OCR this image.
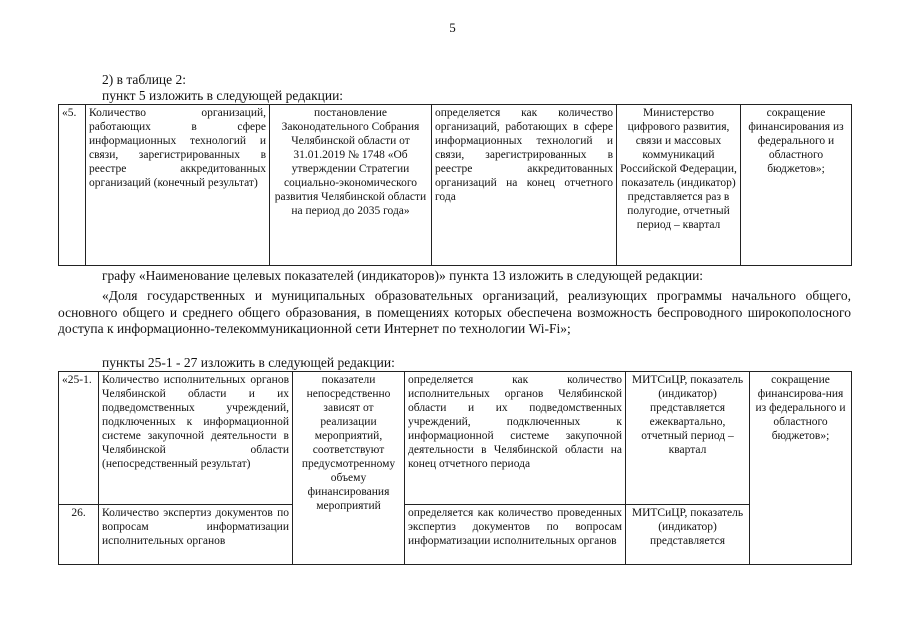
5
2) в таблице 2:
пункт 5 изложить в следующей редакции:
«5.	Количество организаций, работающих в сфере информационных технологий и связи, зарегистрированных в реестре аккредитованных организаций (конечный результат)	постановление Законодательного Собрания Челябинской области от 31.01.2019 № 1748 «Об утверждении Стратегии социально-экономического развития Челябинской области на период до 2035 года»	определяется как количество организаций, работающих в сфере информационных технологий и связи, зарегистрированных в реестре аккредитованных организаций на конец отчетного года	Министерство цифрового развития, связи и массовых коммуникаций Российской Федерации, показатель (индикатор) представляется раз в полугодие, отчетный период – квартал	сокращение финансирования из федерального и областного бюджетов»;
графу «Наименование целевых показателей (индикаторов)» пункта 13 изложить в следующей редакции:
«Доля государственных и муниципальных образовательных организаций, реализующих программы начального общего, основного общего и среднего общего образования, в помещениях которых обеспечена возможность беспроводного широкополосного доступа к информационно-телекоммуникационной сети Интернет по технологии Wi-Fi»;
пункты 25-1 - 27 изложить в следующей редакции:
«25-1.	Количество исполнительных органов Челябинской области и их подведомственных учреждений, подключенных к информационной системе закупочной деятельности в Челябинской области (непосредственный результат)	показатели непосредственно зависят от реализации мероприятий, соответствуют предусмотренному объему финансирования мероприятий	определяется как количество исполнительных органов Челябинской области и их подведомственных учреждений, подключенных к информационной системе закупочной деятельности в Челябинской области на конец отчетного периода	МИТСиЦР, показатель (индикатор) представляется ежеквартально, отчетный период – квартал	сокращение финансирова-ния из федерального и областного бюджетов»;
26.	Количество экспертиз документов по вопросам информатизации исполнительных органов		определяется как количество проведенных экспертиз документов по вопросам информатизации исполнительных органов	МИТСиЦР, показатель (индикатор) представляется	
